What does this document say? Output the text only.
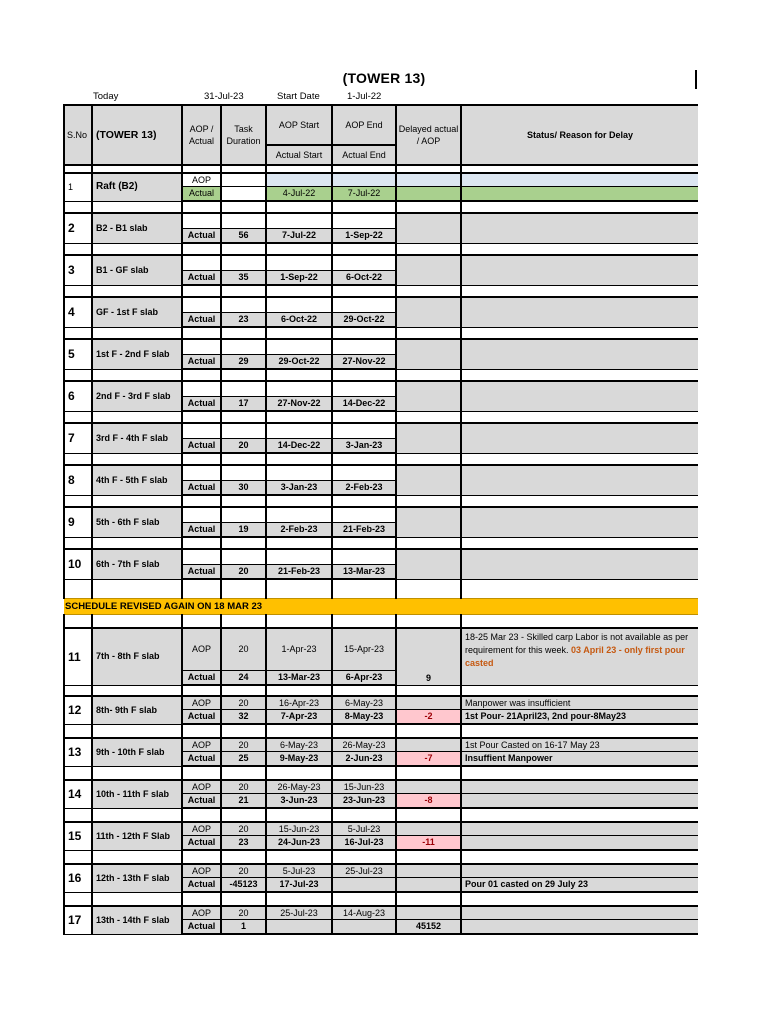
(TOWER 13)
Today	31-Jul-23	Start Date	1-Jul-22
S.No	(TOWER 13)	AOP / Actual	Task Duration	AOP Start	AOP End	Delayed actual / AOP	Status/ Reason for Delay
				Actual Start	Actual End		

1	Raft (B2)	AOP					
		Actual		4-Jul-22	7-Jul-22		

2	B2 - B1 slab						
		Actual	56	7-Jul-22	1-Sep-22		

3	B1 - GF slab						
		Actual	35	1-Sep-22	6-Oct-22		

4	GF - 1st F slab						
		Actual	23	6-Oct-22	29-Oct-22		

5	1st F - 2nd F slab						
		Actual	29	29-Oct-22	27-Nov-22		

6	2nd F - 3rd F slab						
		Actual	17	27-Nov-22	14-Dec-22		

7	3rd F - 4th F slab						
		Actual	20	14-Dec-22	3-Jan-23		

8	4th F - 5th F slab						
		Actual	30	3-Jan-23	2-Feb-23		

9	5th - 6th F slab						
		Actual	19	2-Feb-23	21-Feb-23		

10	6th - 7th F slab						
		Actual	20	21-Feb-23	13-Mar-23		

SCHEDULE REVISED AGAIN ON 18 MAR 23							

11	7th - 8th F slab	AOP	20	1-Apr-23	15-Apr-23	9	18-25 Mar 23 - Skilled carp Labor is not available as per requirement for this week. 03 April 23 - only first pour casted
		Actual	24	13-Mar-23	6-Apr-23		

12	8th- 9th F slab	AOP	20	16-Apr-23	6-May-23		Manpower was insufficient
		Actual	32	7-Apr-23	8-May-23	-2	1st Pour- 21April23, 2nd pour-8May23

13	9th - 10th F slab	AOP	20	6-May-23	26-May-23		1st Pour Casted on 16-17 May 23
		Actual	25	9-May-23	2-Jun-23	-7	Insuffient Manpower

14	10th - 11th F slab	AOP	20	26-May-23	15-Jun-23		
		Actual	21	3-Jun-23	23-Jun-23	-8	

15	11th - 12th F Slab	AOP	20	15-Jun-23	5-Jul-23		
		Actual	23	24-Jun-23	16-Jul-23	-11	

16	12th - 13th F slab	AOP	20	5-Jul-23	25-Jul-23		
		Actual	-45123	17-Jul-23			Pour 01 casted on 29 July 23

17	13th - 14th F slab	AOP	20	25-Jul-23	14-Aug-23		
		Actual	1			45152	
